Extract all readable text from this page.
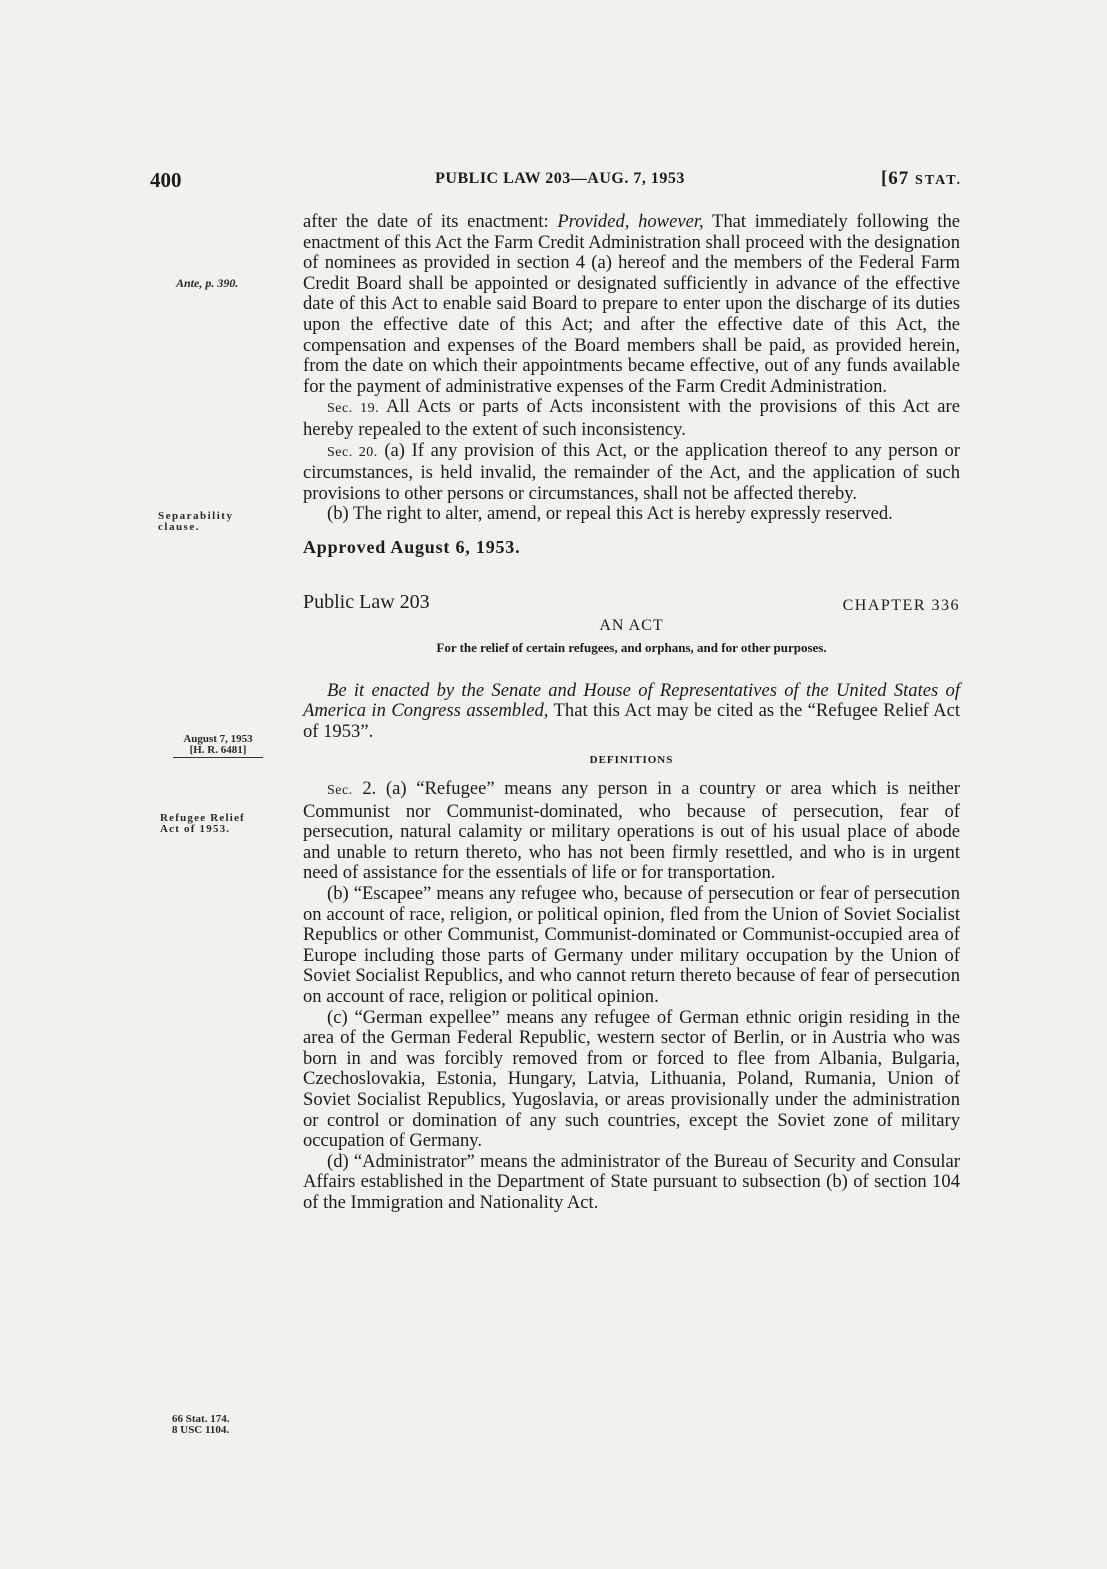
400	PUBLIC LAW 203—AUG. 7, 1953	[67 STAT.
Ante, p. 390.
Separability
clause.
August 7, 1953
[H. R. 6481]
Refugee Relief
Act of 1953.
66 Stat. 174.
8 USC 1104.

after the date of its enactment: Provided, however, That immediately following the enactment of this Act the Farm Credit Administration shall proceed with the designation of nominees as provided in section 4 (a) hereof and the members of the Federal Farm Credit Board shall be appointed or designated sufficiently in advance of the effective date of this Act to enable said Board to prepare to enter upon the discharge of its duties upon the effective date of this Act; and after the effective date of this Act, the compensation and expenses of the Board members shall be paid, as provided herein, from the date on which their appointments became effective, out of any funds available for the payment of administrative expenses of the Farm Credit Administration.

Sec. 19. All Acts or parts of Acts inconsistent with the provisions of this Act are hereby repealed to the extent of such inconsistency.

Sec. 20. (a) If any provision of this Act, or the application thereof to any person or circumstances, is held invalid, the remainder of the Act, and the application of such provisions to other persons or circumstances, shall not be affected thereby.

(b) The right to alter, amend, or repeal this Act is hereby expressly reserved.

Approved August 6, 1953.

Public Law 203	CHAPTER 336

AN ACT

For the relief of certain refugees, and orphans, and for other purposes.

Be it enacted by the Senate and House of Representatives of the United States of America in Congress assembled, That this Act may be cited as the “Refugee Relief Act of 1953”.

DEFINITIONS

Sec. 2. (a) “Refugee” means any person in a country or area which is neither Communist nor Communist-dominated, who because of persecution, fear of persecution, natural calamity or military operations is out of his usual place of abode and unable to return thereto, who has not been firmly resettled, and who is in urgent need of assistance for the essentials of life or for transportation.

(b) “Escapee” means any refugee who, because of persecution or fear of persecution on account of race, religion, or political opinion, fled from the Union of Soviet Socialist Republics or other Communist, Communist-dominated or Communist-occupied area of Europe including those parts of Germany under military occupation by the Union of Soviet Socialist Republics, and who cannot return thereto because of fear of persecution on account of race, religion or political opinion.

(c) “German expellee” means any refugee of German ethnic origin residing in the area of the German Federal Republic, western sector of Berlin, or in Austria who was born in and was forcibly removed from or forced to flee from Albania, Bulgaria, Czechoslovakia, Estonia, Hungary, Latvia, Lithuania, Poland, Rumania, Union of Soviet Socialist Republics, Yugoslavia, or areas provisionally under the administration or control or domination of any such countries, except the Soviet zone of military occupation of Germany.

(d) “Administrator” means the administrator of the Bureau of Security and Consular Affairs established in the Department of State pursuant to subsection (b) of section 104 of the Immigration and Nationality Act.
